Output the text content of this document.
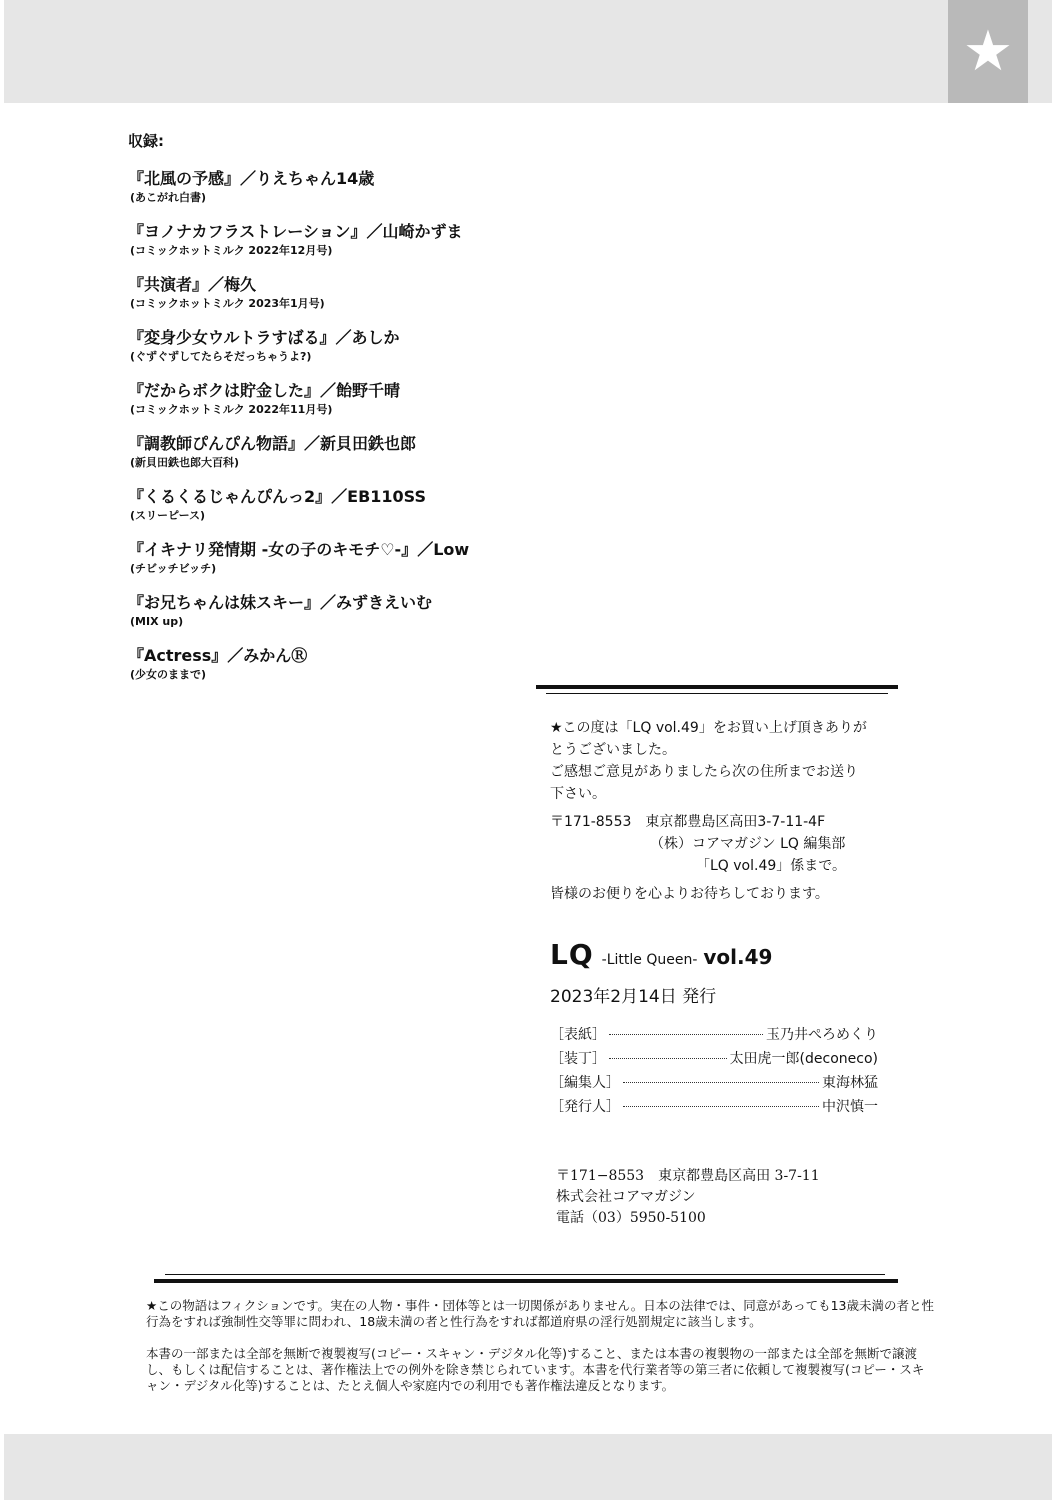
★
収録:
『北風の予感』／りえちゃん14歳
(あこがれ白書)
『ヨノナカフラストレーション』／山崎かずま
(コミックホットミルク 2022年12月号)
『共演者』／梅久
(コミックホットミルク 2023年1月号)
『変身少女ウルトラすばる』／あしか
(ぐずぐずしてたらそだっちゃうよ?)
『だからボクは貯金した』／飴野千晴
(コミックホットミルク 2022年11月号)
『調教師ぴんぴん物語』／新貝田鉄也郎
(新貝田鉄也郎大百科)
『くるくるじゃんぴんっ2』／EB110SS
(スリーピース)
『イキナリ発情期 -女の子のキモチ♡-』／Low
(チビッチビッチ)
『お兄ちゃんは妹スキー』／みずきえいむ
(MIX up)
『Actress』／みかんⓇ
(少女のままで)

★この度は「LQ vol.49」をお買い上げ頂きありが

とうございました。

ご感想ご意見がありましたら次の住所までお送り

下さい。

〒171-8553　東京都豊島区高田3-7-11-4F

（株）コアマガジン LQ 編集部

「LQ vol.49」係まで。

皆様のお便りを心よりお待ちしております。

LQ -Little Queen- vol.49
2023年2月14日 発行
［表紙］	玉乃井ぺろめくり
［装丁］	太田虎一郎(deconeco)
［編集人］	東海林猛
［発行人］	中沢慎一
〒171−8553　東京都豊島区高田 3-7-11
株式会社コアマガジン
電話（03）5950-5100

★この物語はフィクションです。実在の人物・事件・団体等とは一切関係がありません。日本の法律では、同意があっても13歳未満の者と性行為をすれば強制性交等罪に問われ、18歳未満の者と性行為をすれば都道府県の淫行処罰規定に該当します。

本書の一部または全部を無断で複製複写(コピー・スキャン・デジタル化等)すること、または本書の複製物の一部または全部を無断で譲渡し、もしくは配信することは、著作権法上での例外を除き禁じられています。本書を代行業者等の第三者に依頼して複製複写(コピー・スキャン・デジタル化等)することは、たとえ個人や家庭内での利用でも著作権法違反となります。
